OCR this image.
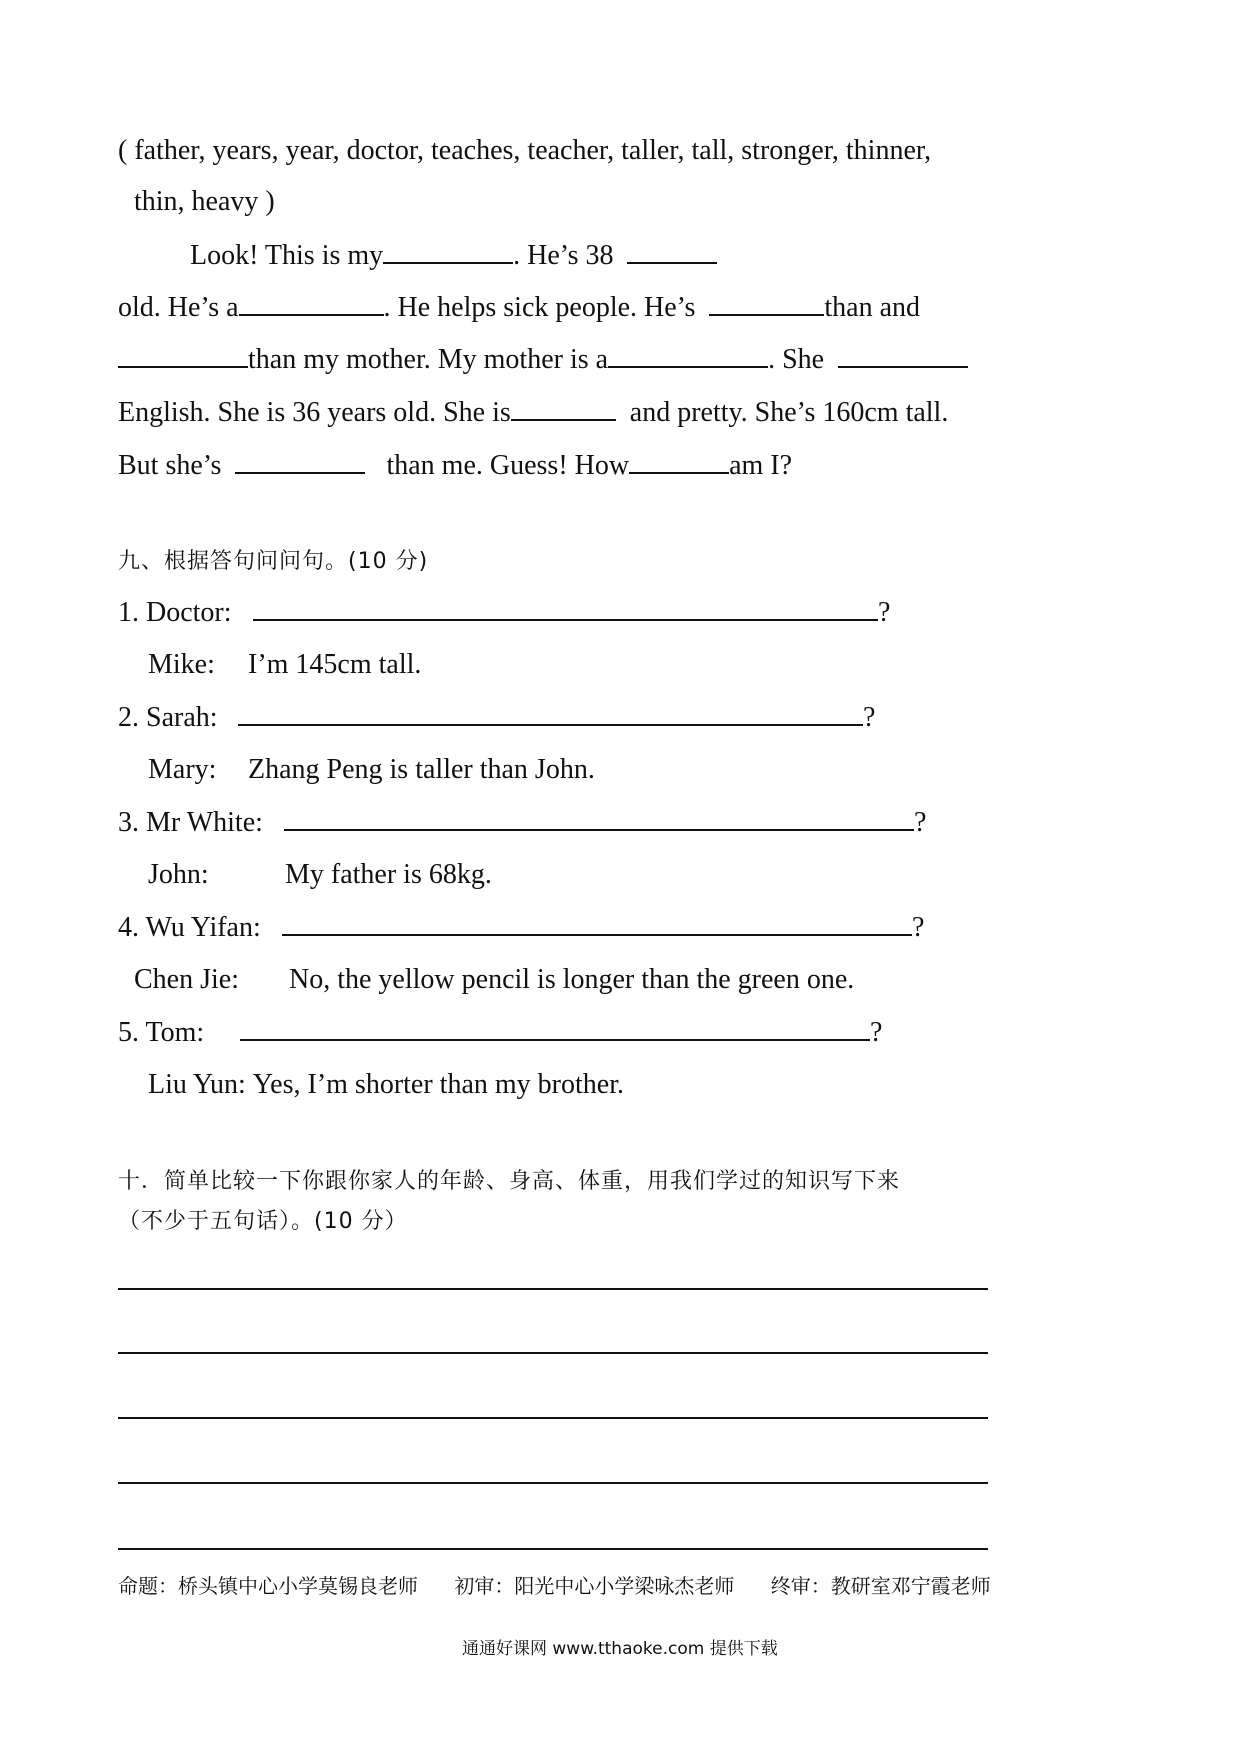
( father, years, year, doctor, teaches, teacher, taller, tall, stronger, thinner,
thin, heavy )
Look! This is my	. He’s 38
old. He’s a	. He helps sick people. He’s	than and
than my mother. My mother is a	. She
English. She is 36 years old. She is	and pretty. She’s 160cm tall.
But she’s	than me. Guess! How	am I?
九、根据答句问问句。(10 分)
1. Doctor:	?
Mike: I’m 145cm tall.
2. Sarah:	?
Mary: Zhang Peng is taller than John.
3. Mr White:	?
John:	My father is 68kg.
4. Wu Yifan:	?
Chen Jie: No, the yellow pencil is longer than the green one.
5. Tom:	?
Liu Yun: Yes, I’m shorter than my brother.
十．简单比较一下你跟你家人的年龄、身高、体重，用我们学过的知识写下来
（不少于五句话）。(10 分）
命题：桥头镇中心小学莫锡良老师 初审：阳光中心小学梁咏杰老师 终审：教研室邓宁霞老师
通通好课网 www.tthaoke.com 提供下载
